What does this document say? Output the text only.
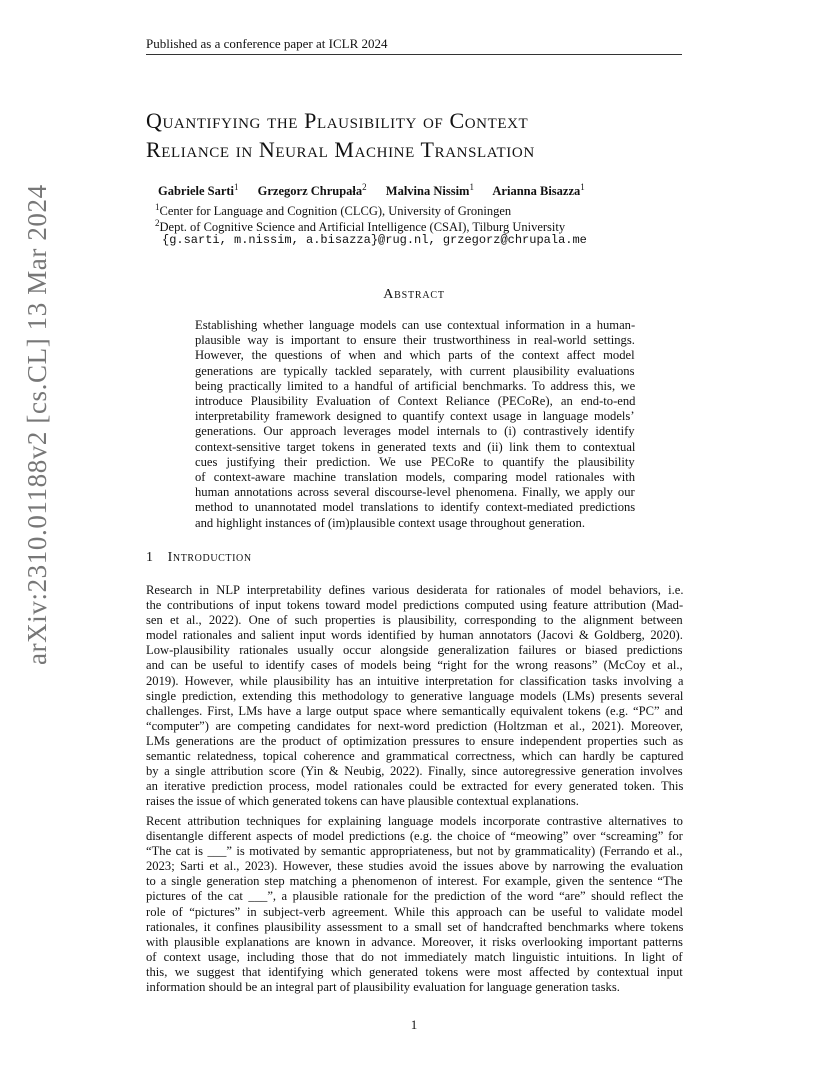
Published as a conference paper at ICLR 2024
arXiv:2310.01188v2 [cs.CL] 13 Mar 2024
Quantifying the Plausibility of Context
Reliance in Neural Machine Translation
Gabriele Sarti$^1$ Grzegorz Chrupała$^2$ Malvina Nissim$^1$ Arianna Bisazza$^1$
$^1$Center for Language and Cognition (CLCG), University of Groningen
$^2$Dept. of Cognitive Science and Artificial Intelligence (CSAI), Tilburg University
{g.sarti, m.nissim, a.bisazza}@rug.nl, grzegorz@chrupala.me
Abstract
Establishing whether language models can use contextual information in a human-
plausible way is important to ensure their trustworthiness in real-world settings.
However, the questions of when and which parts of the context affect model
generations are typically tackled separately, with current plausibility evaluations
being practically limited to a handful of artificial benchmarks. To address this, we
introduce Plausibility Evaluation of Context Reliance (PECoRe), an end-to-end
interpretability framework designed to quantify context usage in language models’
generations. Our approach leverages model internals to (i) contrastively identify
context-sensitive target tokens in generated texts and (ii) link them to contextual
cues justifying their prediction. We use PECoRe to quantify the plausibility
of context-aware machine translation models, comparing model rationales with
human annotations across several discourse-level phenomena. Finally, we apply our
method to unannotated model translations to identify context-mediated predictions
and highlight instances of (im)plausible context usage throughout generation.
1 Introduction
Research in NLP interpretability defines various desiderata for rationales of model behaviors, i.e.
the contributions of input tokens toward model predictions computed using feature attribution (Mad-
sen et al., 2022). One of such properties is plausibility, corresponding to the alignment between
model rationales and salient input words identified by human annotators (Jacovi & Goldberg, 2020).
Low-plausibility rationales usually occur alongside generalization failures or biased predictions
and can be useful to identify cases of models being “right for the wrong reasons” (McCoy et al.,
2019). However, while plausibility has an intuitive interpretation for classification tasks involving a
single prediction, extending this methodology to generative language models (LMs) presents several
challenges. First, LMs have a large output space where semantically equivalent tokens (e.g. “PC” and
“computer”) are competing candidates for next-word prediction (Holtzman et al., 2021). Moreover,
LMs generations are the product of optimization pressures to ensure independent properties such as
semantic relatedness, topical coherence and grammatical correctness, which can hardly be captured
by a single attribution score (Yin & Neubig, 2022). Finally, since autoregressive generation involves
an iterative prediction process, model rationales could be extracted for every generated token. This
raises the issue of which generated tokens can have plausible contextual explanations.
Recent attribution techniques for explaining language models incorporate contrastive alternatives to
disentangle different aspects of model predictions (e.g. the choice of “meowing” over “screaming” for
“The cat is ___” is motivated by semantic appropriateness, but not by grammaticality) (Ferrando et al.,
2023; Sarti et al., 2023). However, these studies avoid the issues above by narrowing the evaluation
to a single generation step matching a phenomenon of interest. For example, given the sentence “The
pictures of the cat ___”, a plausible rationale for the prediction of the word “are” should reflect the
role of “pictures” in subject-verb agreement. While this approach can be useful to validate model
rationales, it confines plausibility assessment to a small set of handcrafted benchmarks where tokens
with plausible explanations are known in advance. Moreover, it risks overlooking important patterns
of context usage, including those that do not immediately match linguistic intuitions. In light of
this, we suggest that identifying which generated tokens were most affected by contextual input
information should be an integral part of plausibility evaluation for language generation tasks.
1
